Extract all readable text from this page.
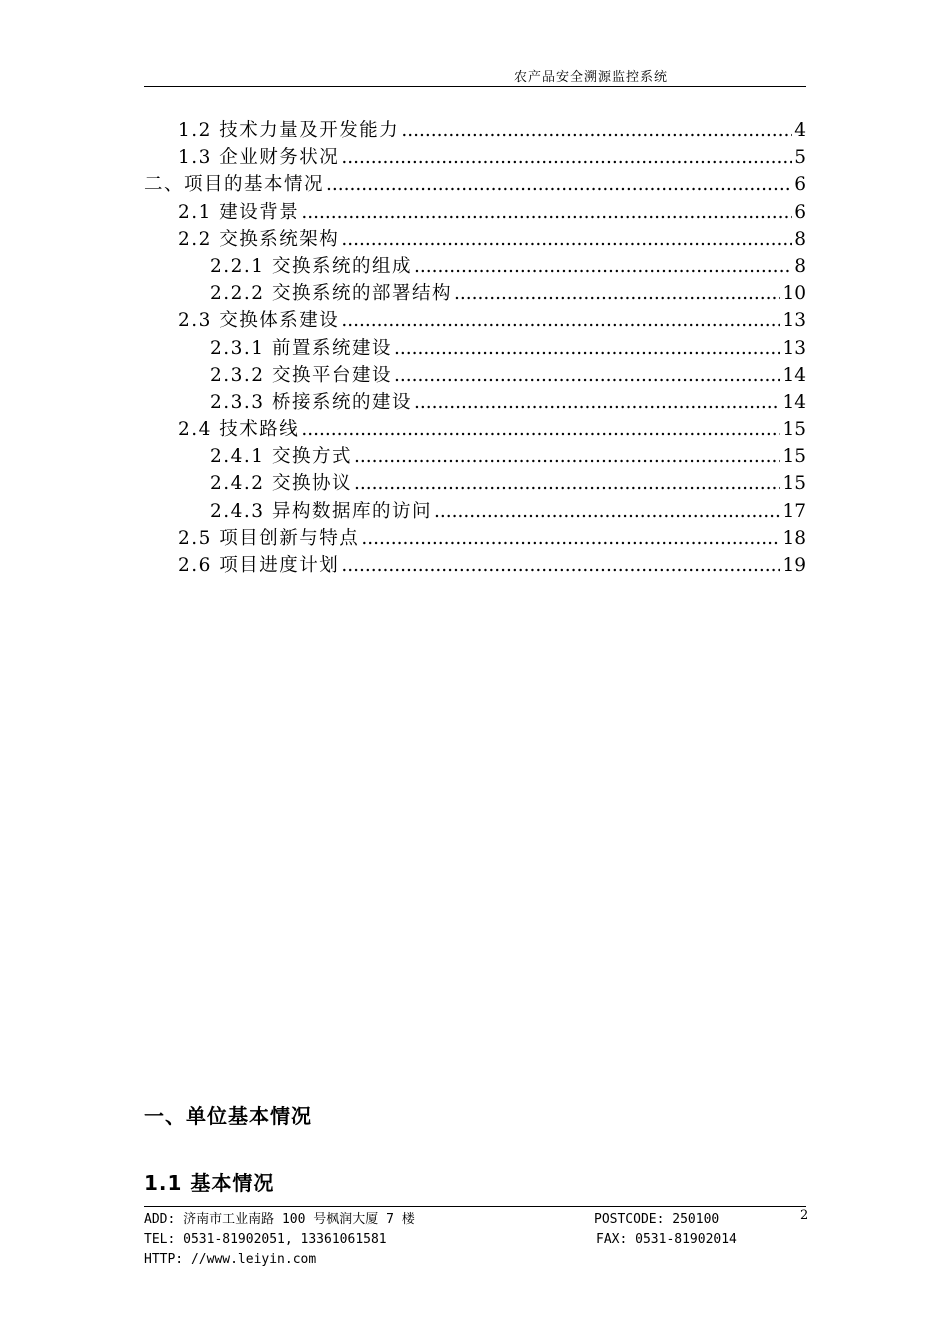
农产品安全溯源监控系统
1.2 技术力量及开发能力 .....	4
1.3 企业财务状况 .....	5
二、项目的基本情况 .....	6
2.1 建设背景 .....	6
2.2 交换系统架构 .....	8
2.2.1 交换系统的组成 .....	8
2.2.2 交换系统的部署结构 .....	10
2.3 交换体系建设 .....	13
2.3.1 前置系统建设 .....	13
2.3.2 交换平台建设 .....	14
2.3.3 桥接系统的建设 .....	14
2.4 技术路线 .....	15
2.4.1 交换方式 .....	15
2.4.2 交换协议 .....	15
2.4.3 异构数据库的访问 .....	17
2.5 项目创新与特点 .....	18
2.6 项目进度计划 .....	19
一、单位基本情况
1.1 基本情况
ADD: 济南市工业南路 100 号枫润大厦 7 楼	POSTCODE: 250100	2
TEL: 0531-81902051, 13361061581	FAX: 0531-81902014
HTTP: //www.leiyin.com
